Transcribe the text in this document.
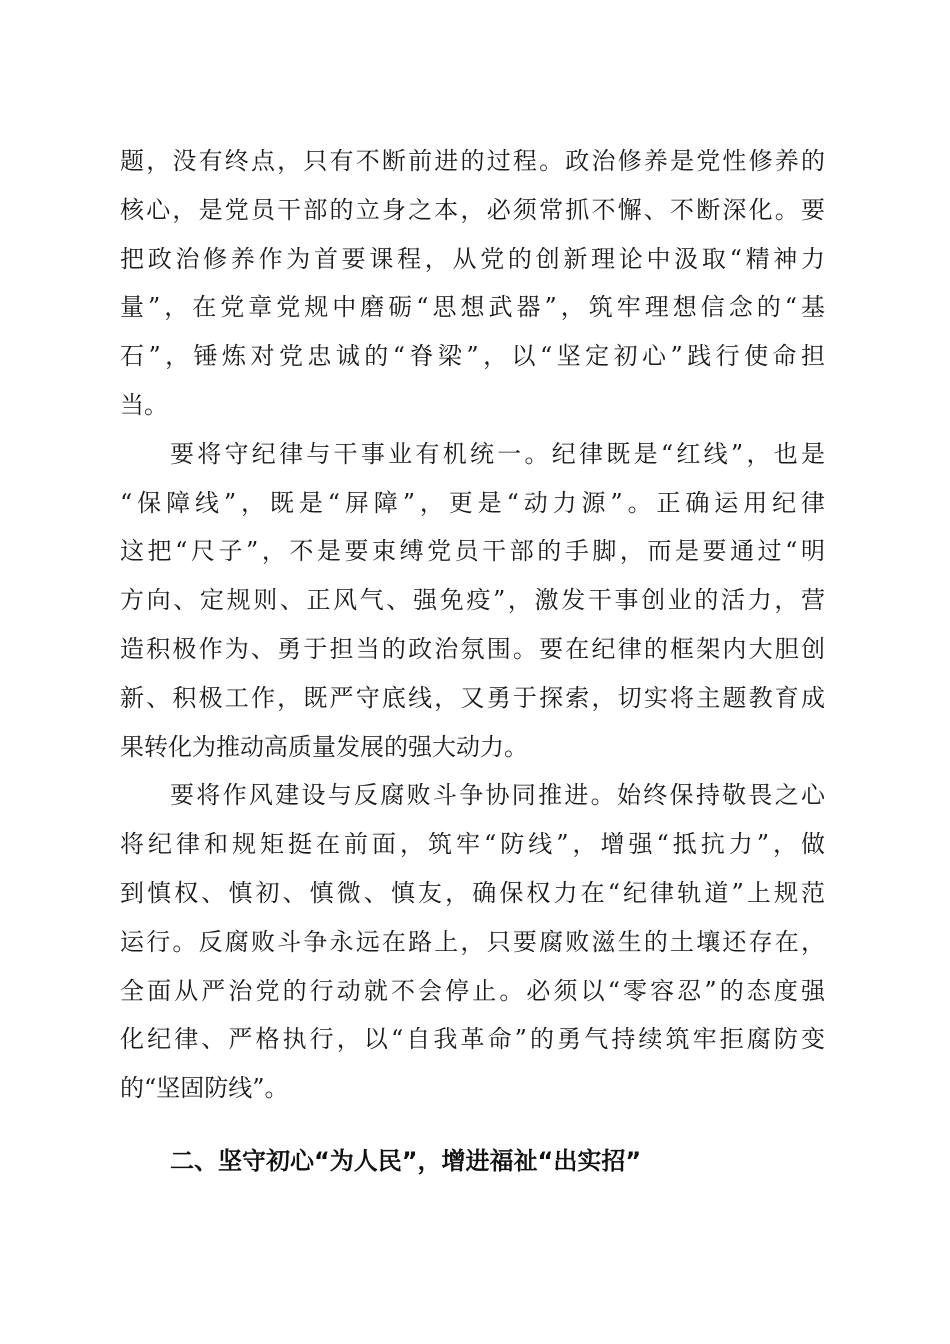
题，没有终点，只有不断前进的过程。政治修养是党性修养的
核心，是党员干部的立身之本，必须常抓不懈、不断深化。要
把政治修养作为首要课程，从党的创新理论中汲取“精神力
量”，在党章党规中磨砺“思想武器”，筑牢理想信念的“基
石”，锤炼对党忠诚的“脊梁”，以“坚定初心”践行使命担
当。
要将守纪律与干事业有机统一。纪律既是“红线”，也是
“保障线”，既是“屏障”，更是“动力源”。正确运用纪律
这把“尺子”，不是要束缚党员干部的手脚，而是要通过“明
方向、定规则、正风气、强免疫”，激发干事创业的活力，营
造积极作为、勇于担当的政治氛围。要在纪律的框架内大胆创
新、积极工作，既严守底线，又勇于探索，切实将主题教育成
果转化为推动高质量发展的强大动力。
要将作风建设与反腐败斗争协同推进。始终保持敬畏之心
将纪律和规矩挺在前面，筑牢“防线”，增强“抵抗力”，做
到慎权、慎初、慎微、慎友，确保权力在“纪律轨道”上规范
运行。反腐败斗争永远在路上，只要腐败滋生的土壤还存在，
全面从严治党的行动就不会停止。必须以“零容忍”的态度强
化纪律、严格执行，以“自我革命”的勇气持续筑牢拒腐防变
的“坚固防线”。
二、坚守初心“为人民”，增进福祉“出实招”
